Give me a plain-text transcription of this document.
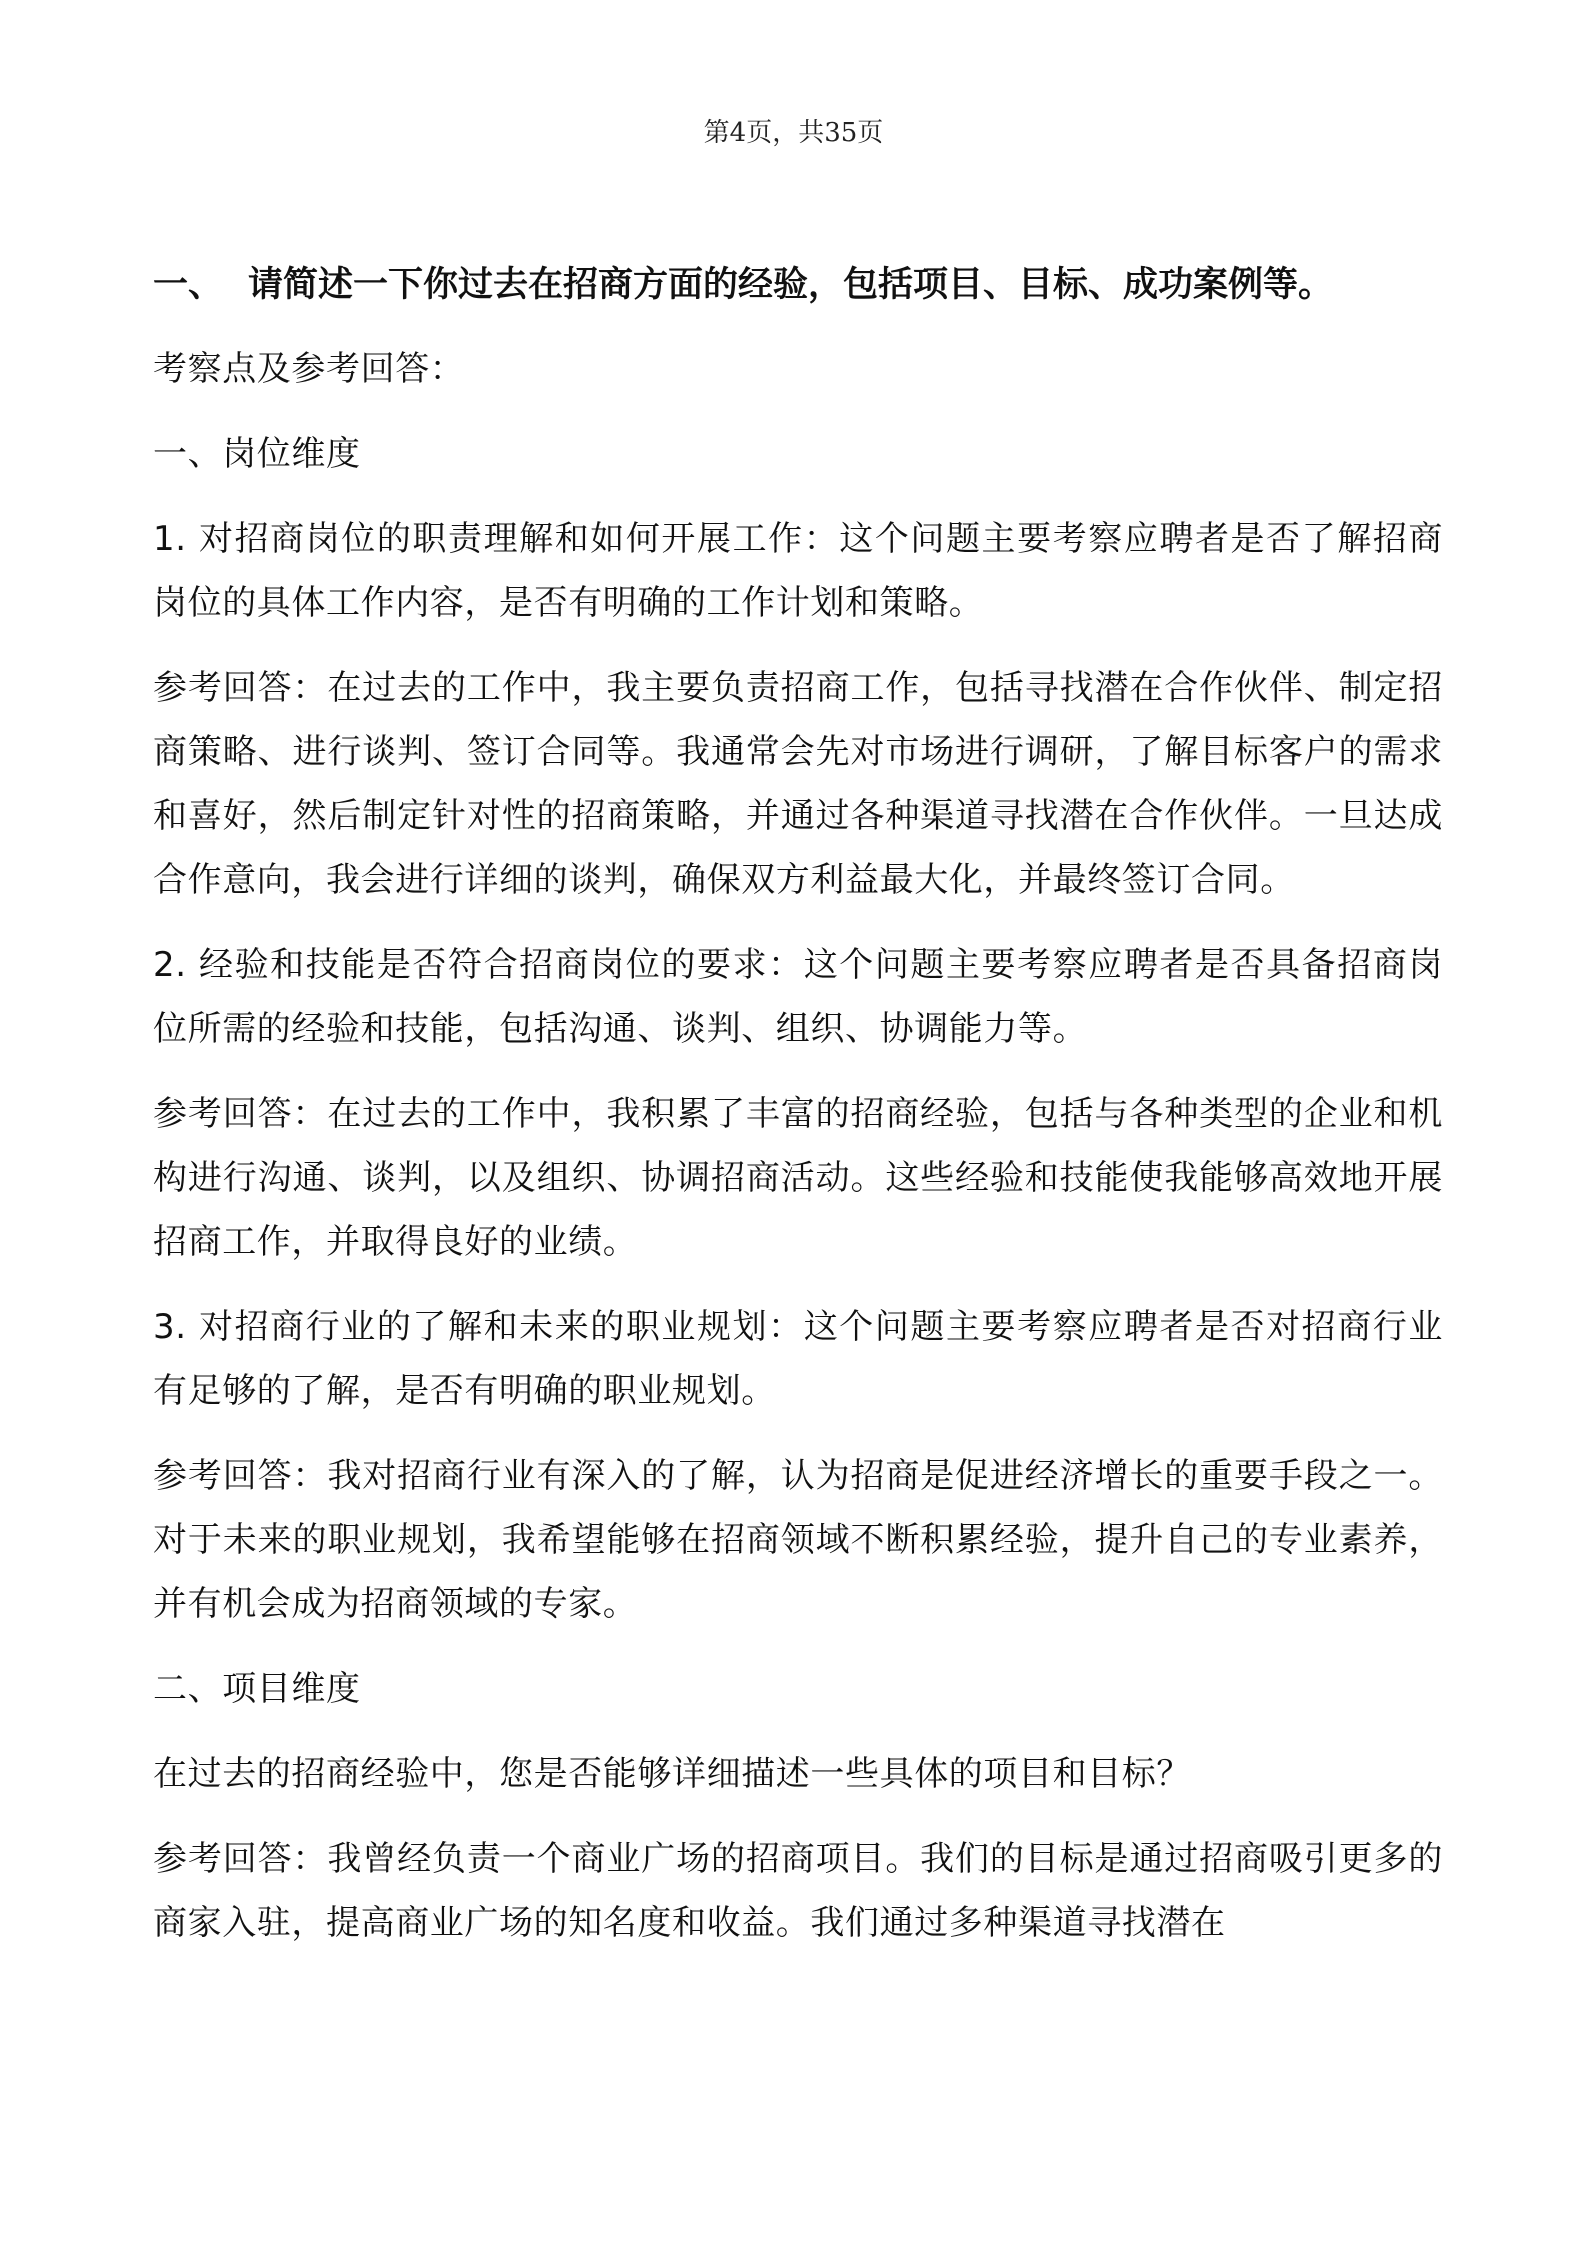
第4页，共35页
一、 请简述一下你过去在招商方面的经验，包括项目、目标、成功案例等。

考察点及参考回答：

一、岗位维度

1. 对招商岗位的职责理解和如何开展工作：这个问题主要考察应聘者是否了解招商岗位的具体工作内容，是否有明确的工作计划和策略。

参考回答：在过去的工作中，我主要负责招商工作，包括寻找潜在合作伙伴、制定招商策略、进行谈判、签订合同等。我通常会先对市场进行调研，了解目标客户的需求和喜好，然后制定针对性的招商策略，并通过各种渠道寻找潜在合作伙伴。一旦达成合作意向，我会进行详细的谈判，确保双方利益最大化，并最终签订合同。

2. 经验和技能是否符合招商岗位的要求：这个问题主要考察应聘者是否具备招商岗位所需的经验和技能，包括沟通、谈判、组织、协调能力等。

参考回答：在过去的工作中，我积累了丰富的招商经验，包括与各种类型的企业和机构进行沟通、谈判，以及组织、协调招商活动。这些经验和技能使我能够高效地开展招商工作，并取得良好的业绩。

3. 对招商行业的了解和未来的职业规划：这个问题主要考察应聘者是否对招商行业有足够的了解，是否有明确的职业规划。

参考回答：我对招商行业有深入的了解，认为招商是促进经济增长的重要手段之一。对于未来的职业规划，我希望能够在招商领域不断积累经验，提升自己的专业素养，并有机会成为招商领域的专家。

二、项目维度

在过去的招商经验中，您是否能够详细描述一些具体的项目和目标？

参考回答：我曾经负责一个商业广场的招商项目。我们的目标是通过招商吸引更多的商家入驻，提高商业广场的知名度和收益。我们通过多种渠道寻找潜在
